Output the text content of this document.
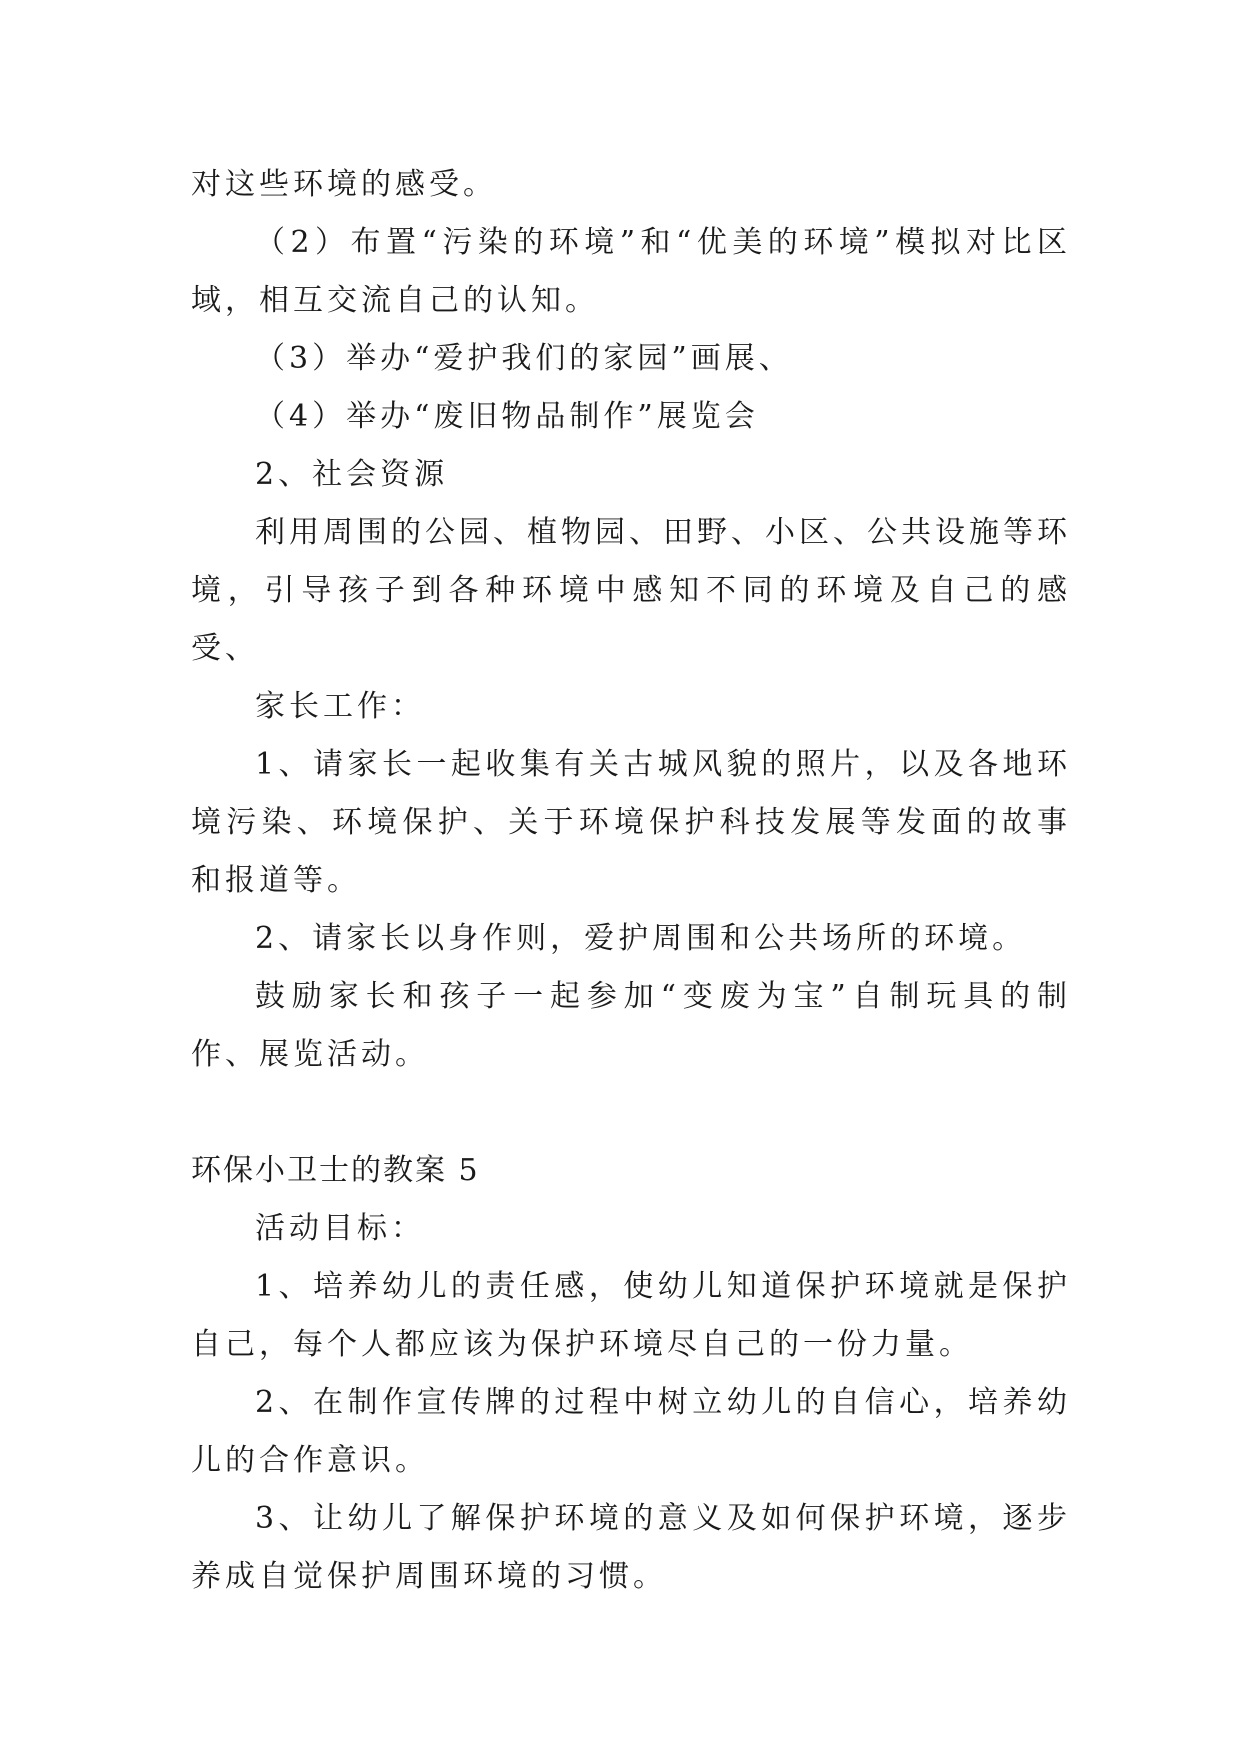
对这些环境的感受。

（2）布置“污染的环境”和“优美的环境”模拟对比区域，相互交流自己的认知。

（3）举办“爱护我们的家园”画展、

（4）举办“废旧物品制作”展览会

2、社会资源

利用周围的公园、植物园、田野、小区、公共设施等环境，引导孩子到各种环境中感知不同的环境及自己的感受、

家长工作：

1、请家长一起收集有关古城风貌的照片，以及各地环境污染、环境保护、关于环境保护科技发展等发面的故事和报道等。

2、请家长以身作则，爱护周围和公共场所的环境。

鼓励家长和孩子一起参加“变废为宝”自制玩具的制作、展览活动。

环保小卫士的教案 5

活动目标：

1、培养幼儿的责任感，使幼儿知道保护环境就是保护自己，每个人都应该为保护环境尽自己的一份力量。

2、在制作宣传牌的过程中树立幼儿的自信心，培养幼儿的合作意识。

3、让幼儿了解保护环境的意义及如何保护环境，逐步养成自觉保护周围环境的习惯。
